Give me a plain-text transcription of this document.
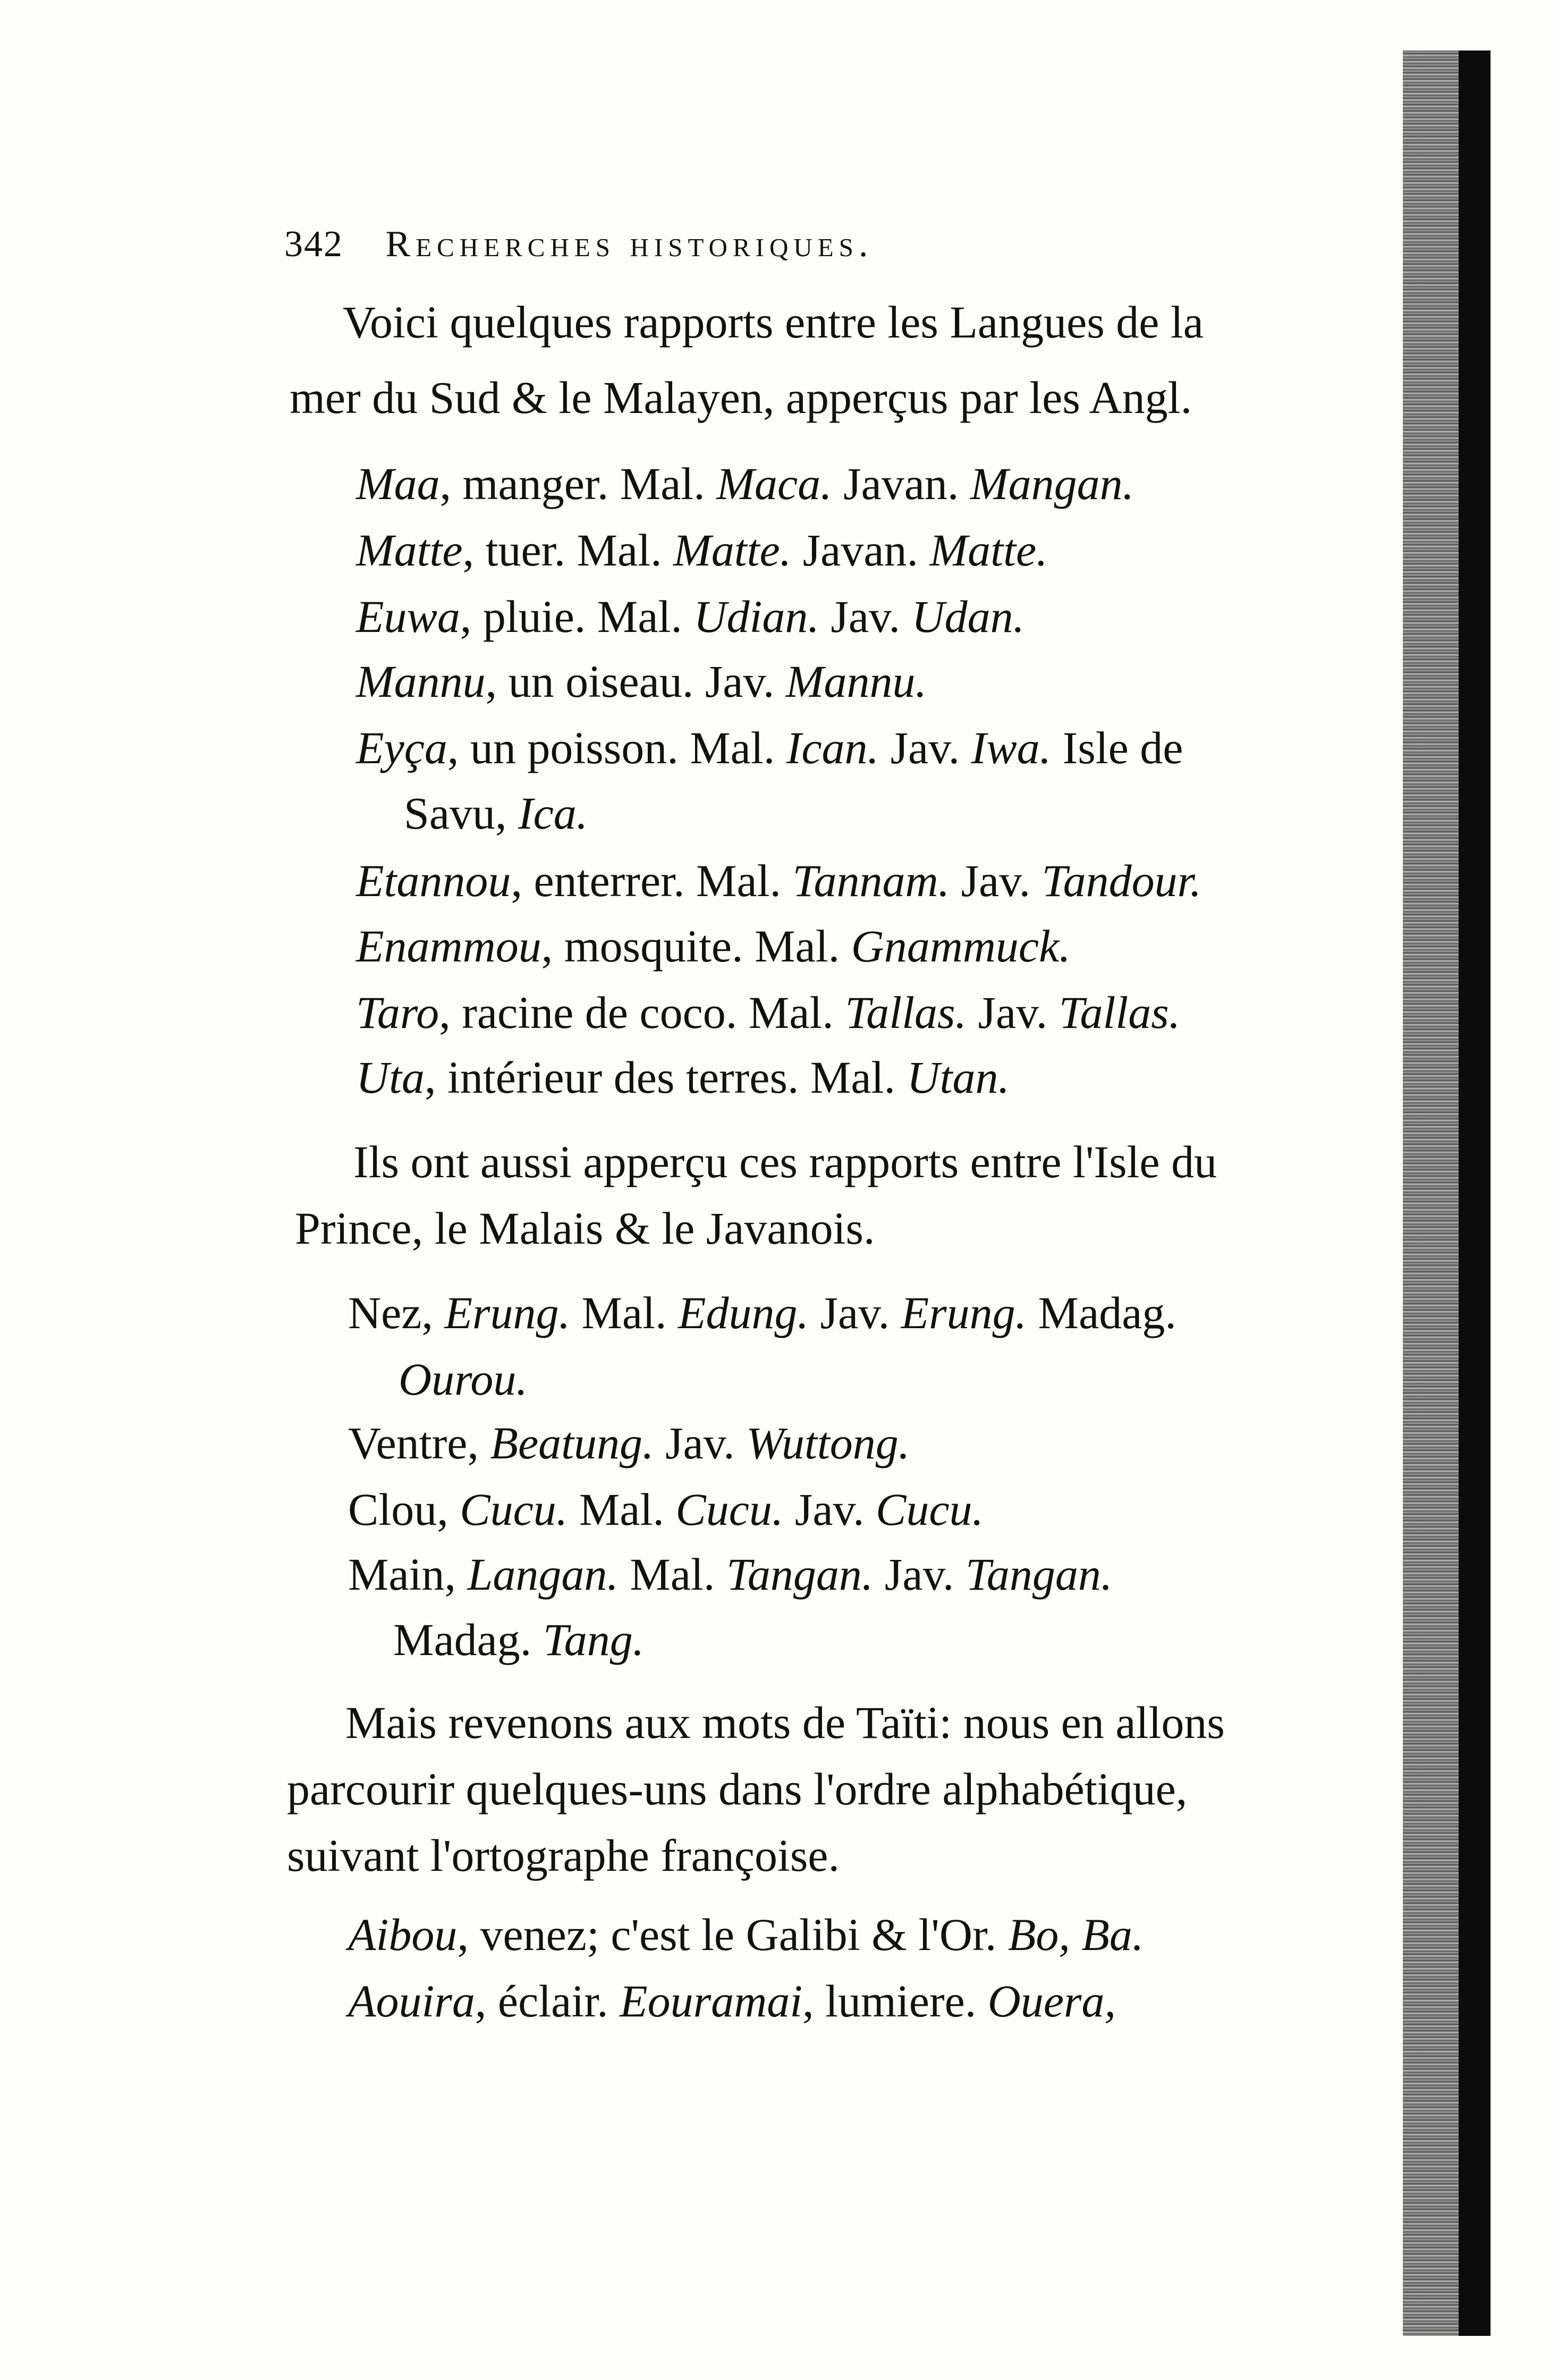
342 Recherches historiques.
Voici quelques rapports entre les Langues de la
mer du Sud & le Malayen, apperçus par les Angl.
Maa, manger. Mal. Maca. Javan. Mangan.
Matte, tuer. Mal. Matte. Javan. Matte.
Euwa, pluie. Mal. Udian. Jav. Udan.
Mannu, un oiseau. Jav. Mannu.
Eyça, un poisson. Mal. Ican. Jav. Iwa. Isle de
Savu, Ica.
Etannou, enterrer. Mal. Tannam. Jav. Tandour.
Enammou, mosquite. Mal. Gnammuck.
Taro, racine de coco. Mal. Tallas. Jav. Tallas.
Uta, intérieur des terres. Mal. Utan.
Ils ont aussi apperçu ces rapports entre l'Isle du
Prince, le Malais & le Javanois.
Nez, Erung. Mal. Edung. Jav. Erung. Madag.
Ourou.
Ventre, Beatung. Jav. Wuttong.
Clou, Cucu. Mal. Cucu. Jav. Cucu.
Main, Langan. Mal. Tangan. Jav. Tangan.
Madag. Tang.
Mais revenons aux mots de Taïti: nous en allons
parcourir quelques-uns dans l'ordre alphabétique,
suivant l'ortographe françoise.
Aibou, venez; c'est le Galibi & l'Or. Bo, Ba.
Aouira, éclair. Eouramai, lumiere. Ouera,
